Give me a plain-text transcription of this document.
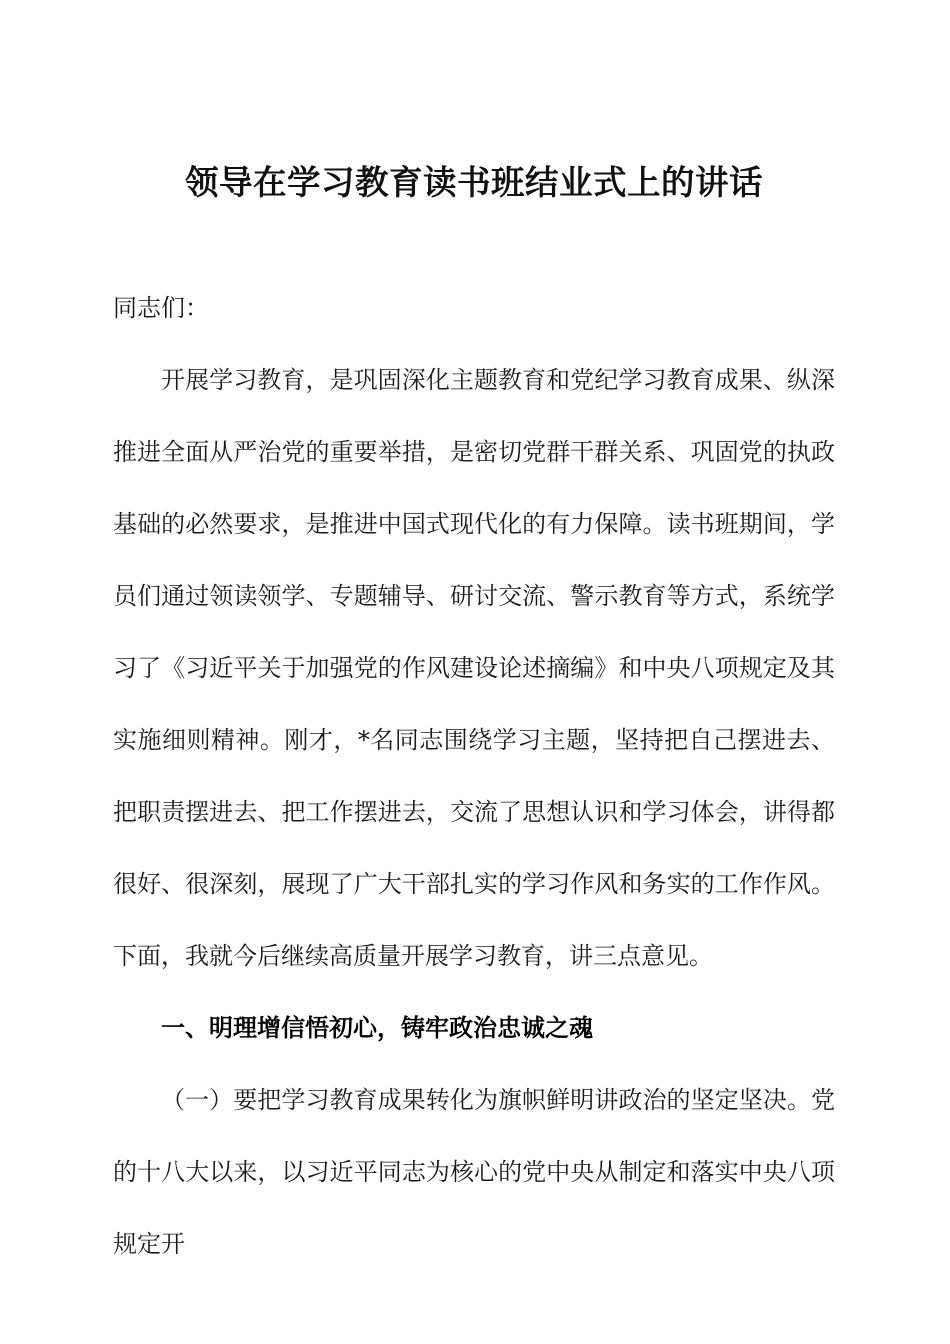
领导在学习教育读书班结业式上的讲话

同志们：

开展学习教育，是巩固深化主题教育和党纪学习教育成果、纵深推进全面从严治党的重要举措，是密切党群干群关系、巩固党的执政基础的必然要求，是推进中国式现代化的有力保障。读书班期间，学员们通过领读领学、专题辅导、研讨交流、警示教育等方式，系统学习了《习近平关于加强党的作风建设论述摘编》和中央八项规定及其实施细则精神。刚才，*名同志围绕学习主题，坚持把自己摆进去、把职责摆进去、把工作摆进去，交流了思想认识和学习体会，讲得都很好、很深刻，展现了广大干部扎实的学习作风和务实的工作作风。下面，我就今后继续高质量开展学习教育，讲三点意见。

一、明理增信悟初心，铸牢政治忠诚之魂

（一）要把学习教育成果转化为旗帜鲜明讲政治的坚定坚决。党的十八大以来，以习近平同志为核心的党中央从制定和落实中央八项规定开
